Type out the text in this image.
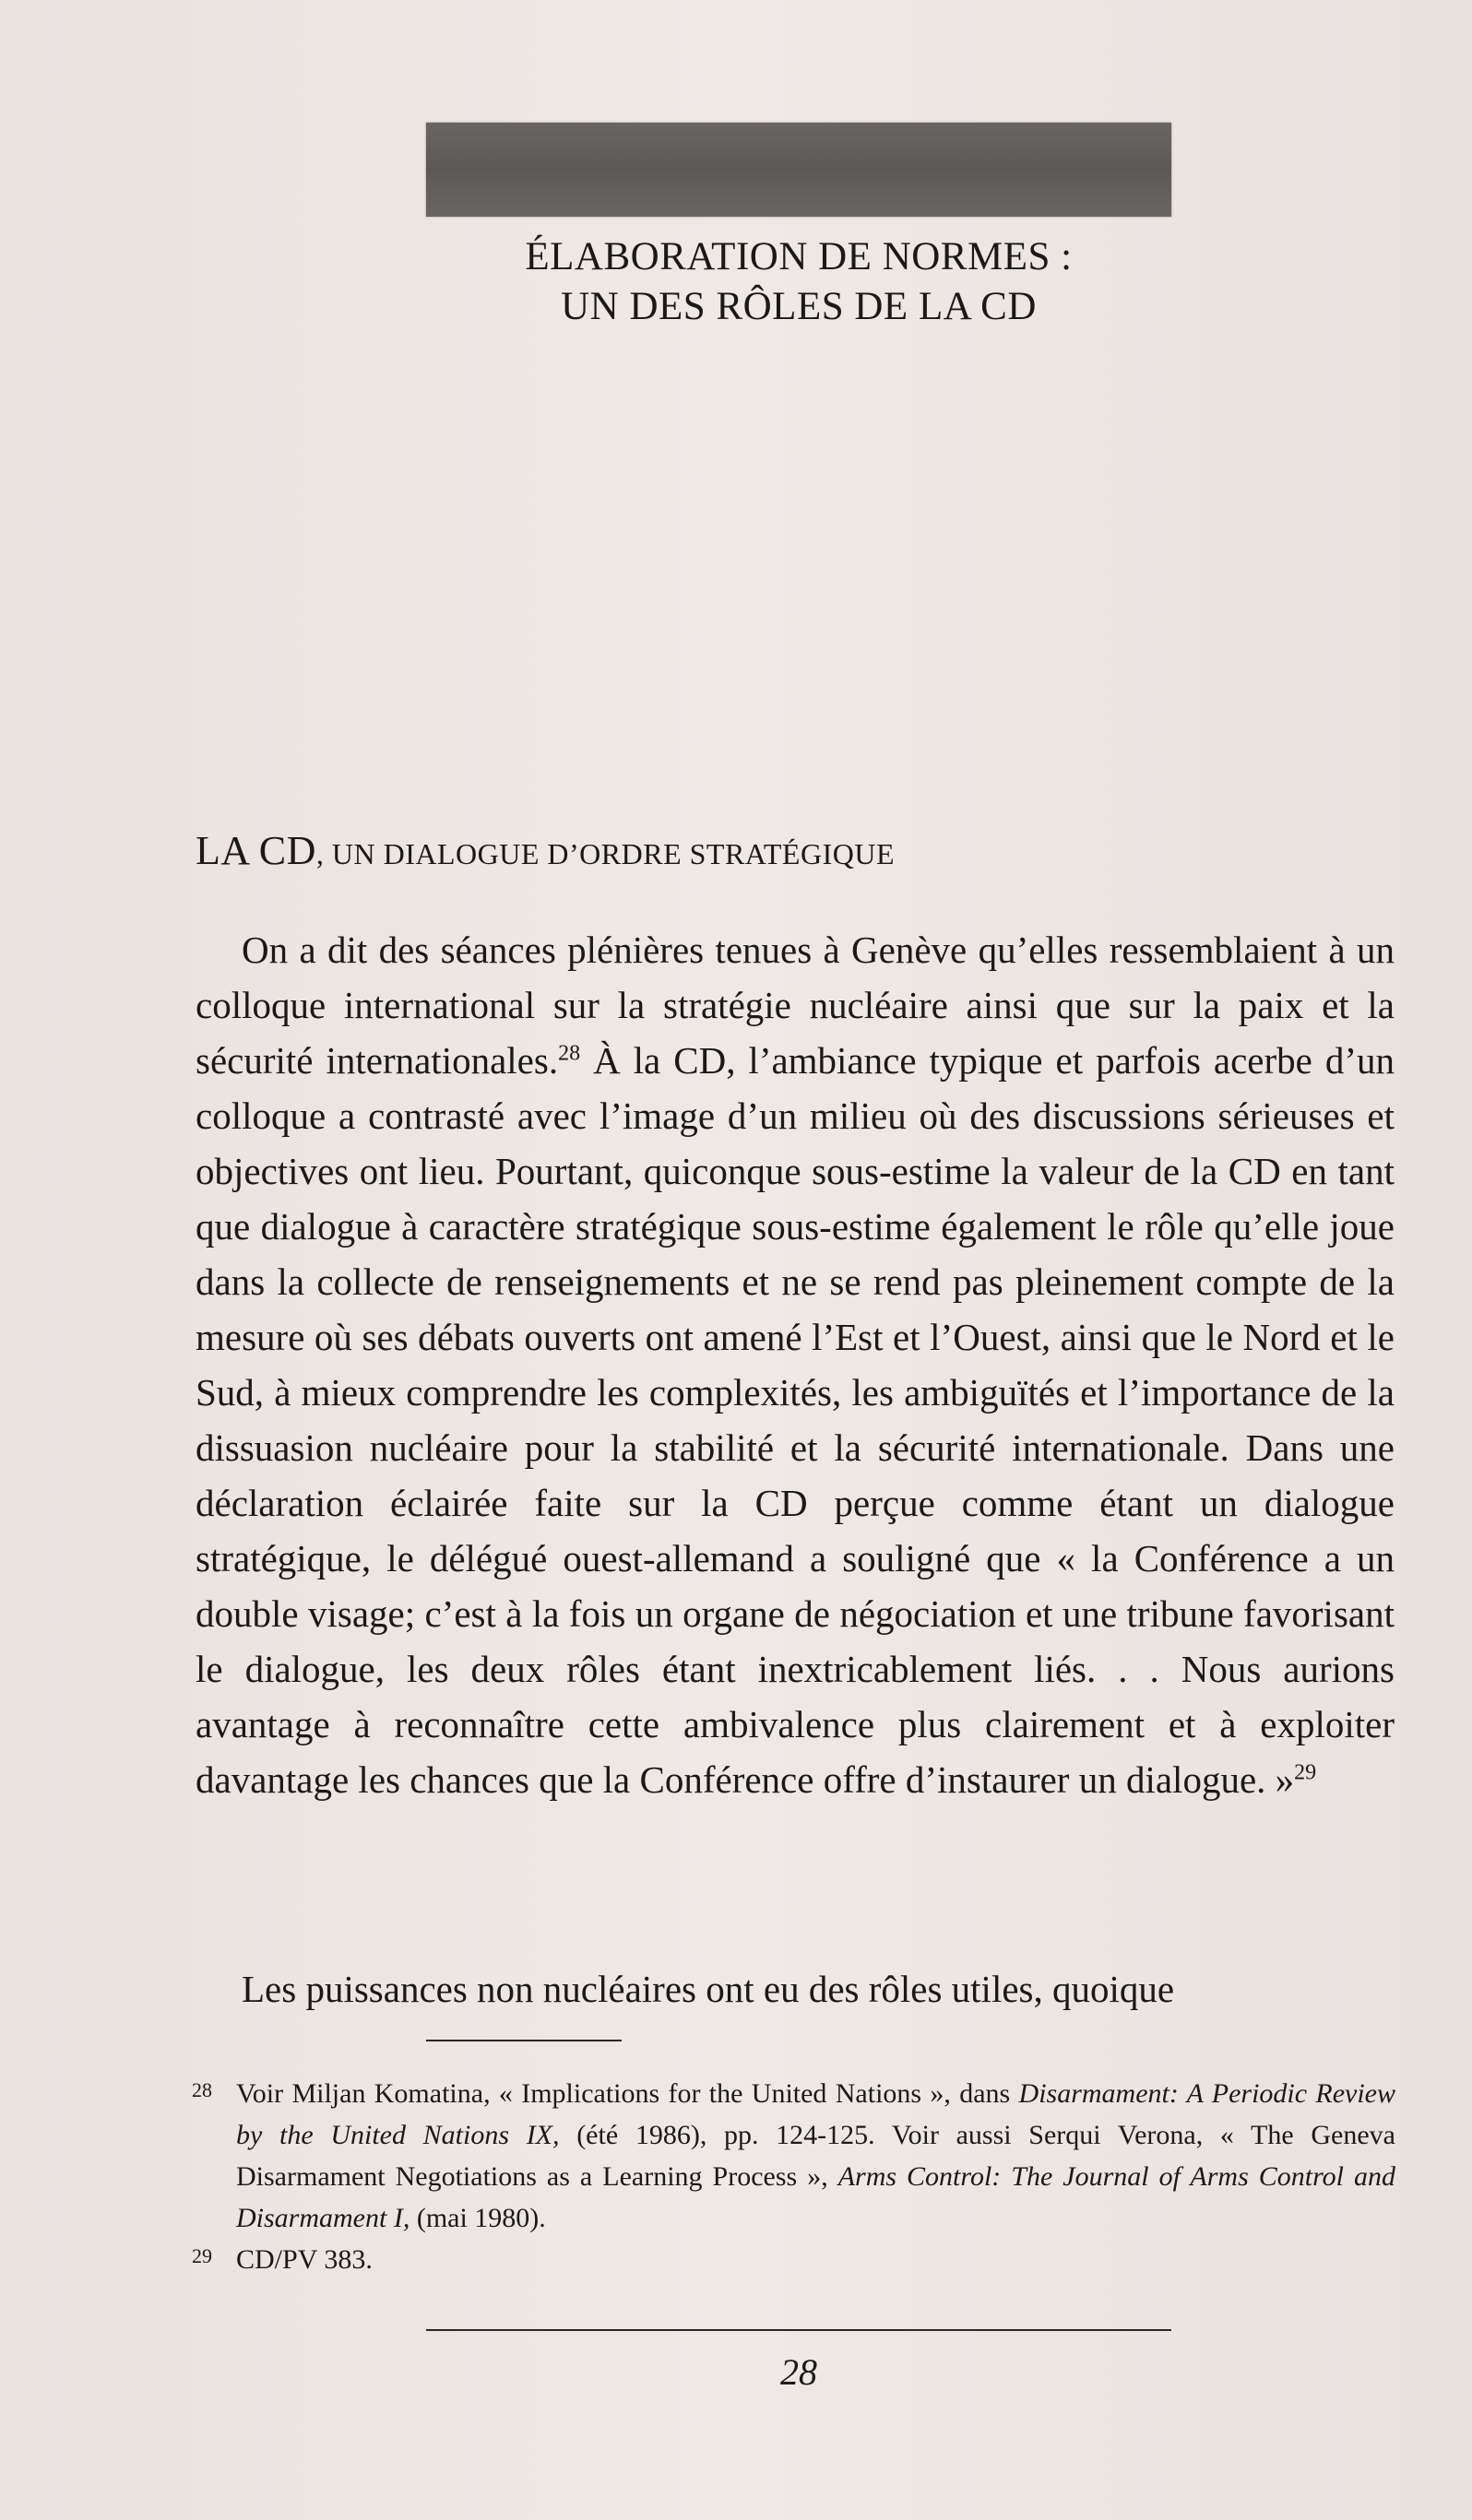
ÉLABORATION DE NORMES :
UN DES RÔLES DE LA CD
LA CD, UN DIALOGUE D’ORDRE STRATÉGIQUE

On a dit des séances plénières tenues à Genève qu’elles ressemblaient à un colloque international sur la stratégie nucléaire ainsi que sur la paix et la sécurité internationales.$^{28}$ À la CD, l’ambiance typique et parfois acerbe d’un colloque a contrasté avec l’image d’un milieu où des discussions sérieuses et objectives ont lieu. Pourtant, quiconque sous-estime la valeur de la CD en tant que dialogue à caractère stratégique sous-estime également le rôle qu’elle joue dans la collecte de renseignements et ne se rend pas pleinement compte de la mesure où ses débats ouverts ont amené l’Est et l’Ouest, ainsi que le Nord et le Sud, à mieux comprendre les complexités, les ambiguïtés et l’importance de la dissuasion nucléaire pour la stabilité et la sécurité internationale. Dans une déclaration éclairée faite sur la CD perçue comme étant un dialogue stratégique, le délégué ouest-allemand a souligné que « la Conférence a un double visage; c’est à la fois un organe de négociation et une tribune favorisant le dialogue, les deux rôles étant inextricablement liés. . . Nous aurions avantage à reconnaître cette ambivalence plus clairement et à exploiter davantage les chances que la Conférence offre d’instaurer un dialogue. »$^{29}$

Les puissances non nucléaires ont eu des rôles utiles, quoique

28 Voir Miljan Komatina, « Implications for the United Nations », dans Disarmament: A Periodic Review by the United Nations IX, (été 1986), pp. 124-125. Voir aussi Serqui Verona, « The Geneva Disarmament Negotiations as a Learning Process », Arms Control: The Journal of Arms Control and Disarmament I, (mai 1980).
29 CD/PV 383.
28
